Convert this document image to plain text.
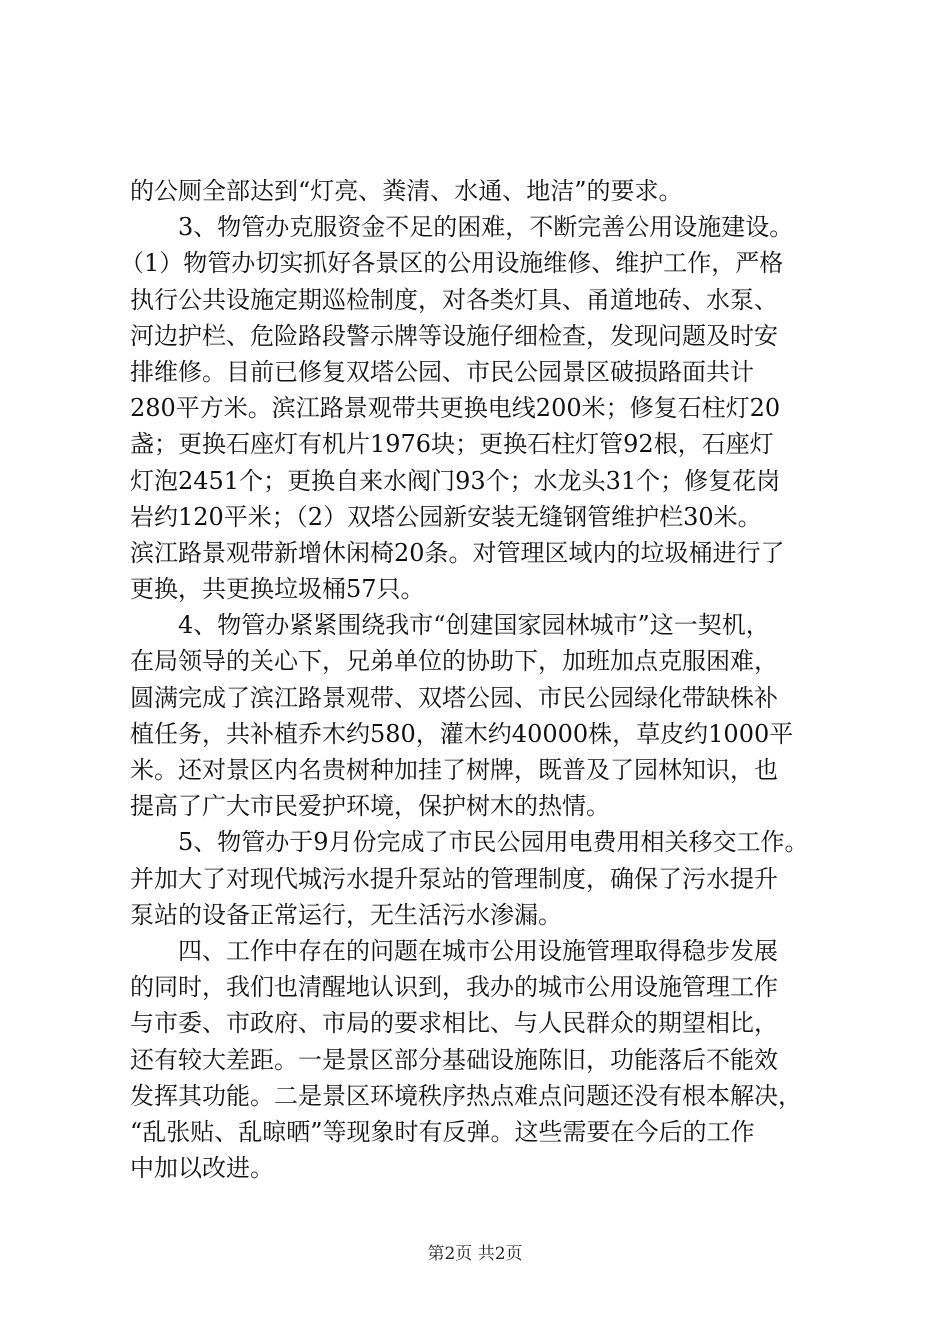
的公厕全部达到“灯亮、粪清、水通、地洁”的要求。
3、物管办克服资金不足的困难，不断完善公用设施建设。
（1）物管办切实抓好各景区的公用设施维修、维护工作，严格
执行公共设施定期巡检制度，对各类灯具、甬道地砖、水泵、
河边护栏、危险路段警示牌等设施仔细检查，发现问题及时安
排维修。目前已修复双塔公园、市民公园景区破损路面共计
280平方米。滨江路景观带共更换电线200米；修复石柱灯20
盏；更换石座灯有机片1976块；更换石柱灯管92根，石座灯
灯泡2451个；更换自来水阀门93个；水龙头31个；修复花岗
岩约120平米；（2）双塔公园新安装无缝钢管维护栏30米。
滨江路景观带新增休闲椅20条。对管理区域内的垃圾桶进行了
更换，共更换垃圾桶57只。
4、物管办紧紧围绕我市“创建国家园林城市”这一契机，
在局领导的关心下，兄弟单位的协助下，加班加点克服困难，
圆满完成了滨江路景观带、双塔公园、市民公园绿化带缺株补
植任务，共补植乔木约580，灌木约40000株，草皮约1000平
米。还对景区内名贵树种加挂了树牌，既普及了园林知识，也
提高了广大市民爱护环境，保护树木的热情。
5、物管办于9月份完成了市民公园用电费用相关移交工作。
并加大了对现代城污水提升泵站的管理制度，确保了污水提升
泵站的设备正常运行，无生活污水渗漏。
四、工作中存在的问题在城市公用设施管理取得稳步发展
的同时，我们也清醒地认识到，我办的城市公用设施管理工作
与市委、市政府、市局的要求相比、与人民群众的期望相比，
还有较大差距。一是景区部分基础设施陈旧，功能落后不能效
发挥其功能。二是景区环境秩序热点难点问题还没有根本解决，
“乱张贴、乱晾晒”等现象时有反弹。这些需要在今后的工作
中加以改进。
第2页 共2页
